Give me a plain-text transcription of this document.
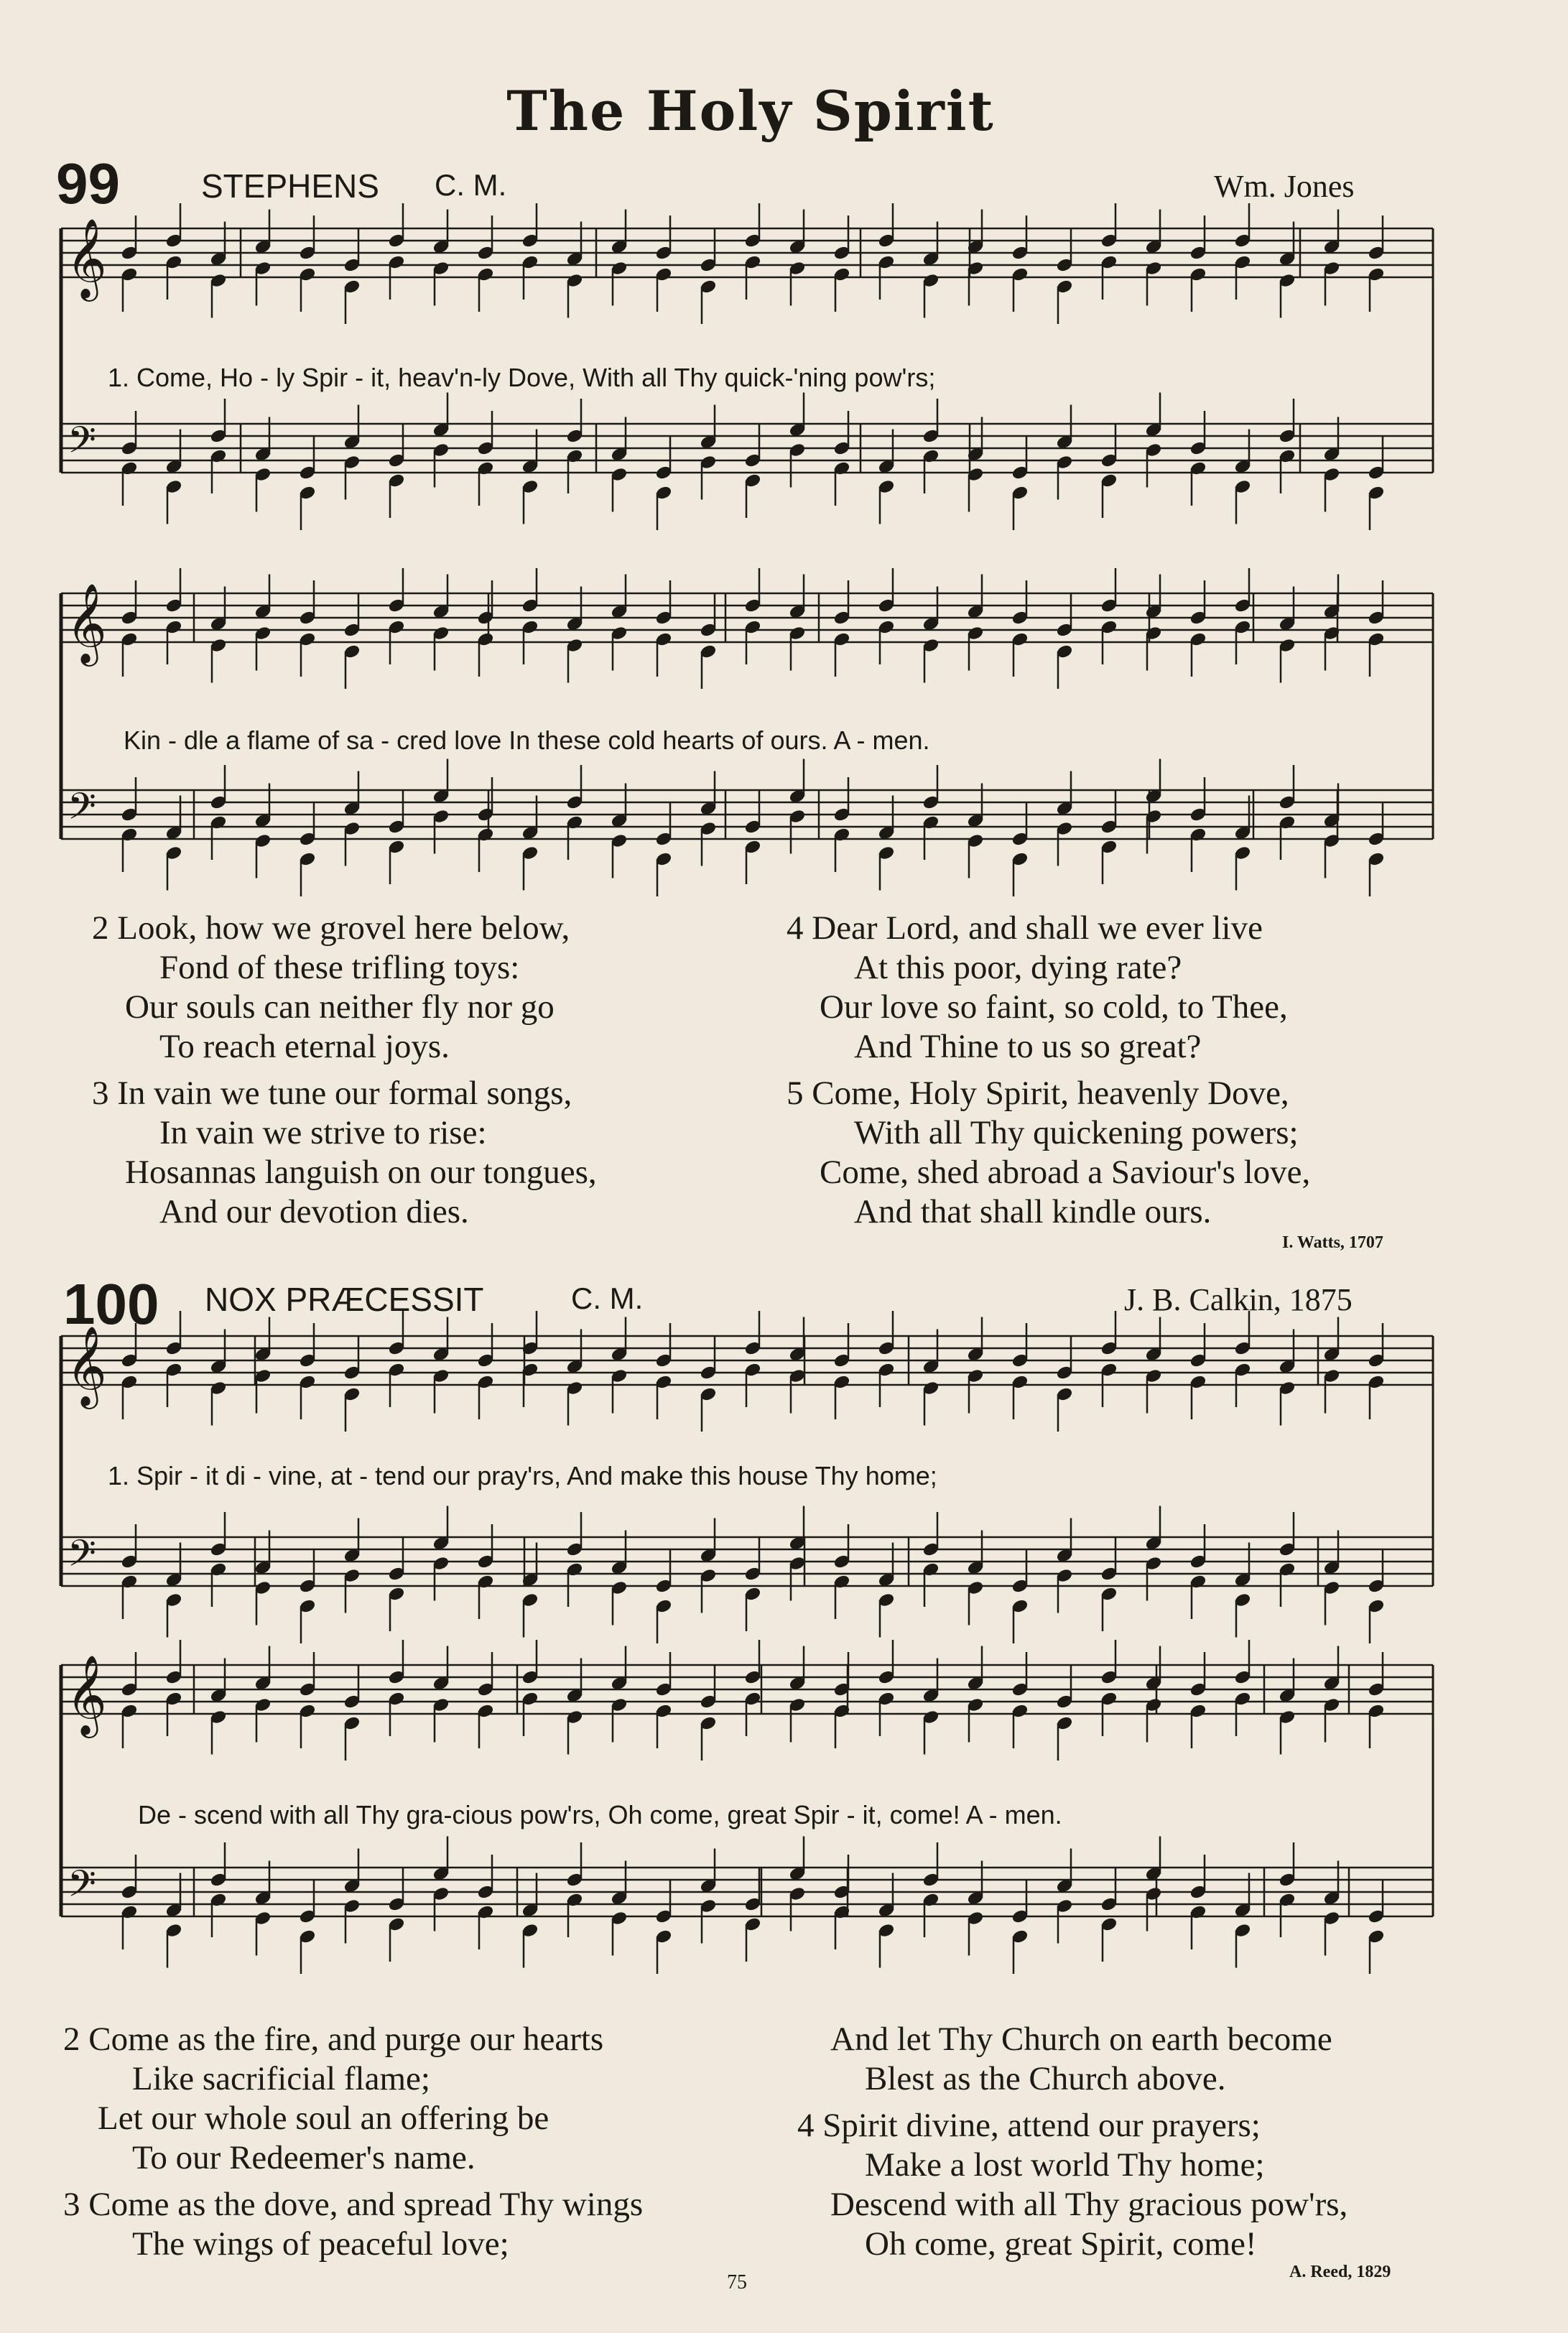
The Holy Spirit
99 STEPHENS C. M.	Wm. Jones
𝄞
𝄢
𝄞
𝄢
𝄞
𝄢
𝄞
𝄢
1. Come, Ho - ly Spir - it, heav'n-ly Dove, With all Thy quick-'ning pow'rs;
Kin - dle a flame of sa - cred love In these cold hearts of ours. A - men.
2 Look, how we grovel here below,
Fond of these trifling toys:
Our souls can neither fly nor go
To reach eternal joys.
3 In vain we tune our formal songs,
In vain we strive to rise:
Hosannas languish on our tongues,
And our devotion dies.
4 Dear Lord, and shall we ever live
At this poor, dying rate?
Our love so faint, so cold, to Thee,
And Thine to us so great?
5 Come, Holy Spirit, heavenly Dove,
With all Thy quickening powers;
Come, shed abroad a Saviour's love,
And that shall kindle ours.
I. Watts, 1707
100 NOX PRÆCESSIT	C. M.	J. B. Calkin, 1875
1. Spir - it di - vine, at - tend our pray'rs, And make this house Thy home;
De - scend with all Thy gra-cious pow'rs, Oh come, great Spir - it, come! A - men.
2 Come as the fire, and purge our hearts
Like sacrificial flame;
Let our whole soul an offering be
To our Redeemer's name.
3 Come as the dove, and spread Thy wings
The wings of peaceful love;
And let Thy Church on earth become
Blest as the Church above.
4 Spirit divine, attend our prayers;
Make a lost world Thy home;
Descend with all Thy gracious pow'rs,
Oh come, great Spirit, come!
A. Reed, 1829
75
